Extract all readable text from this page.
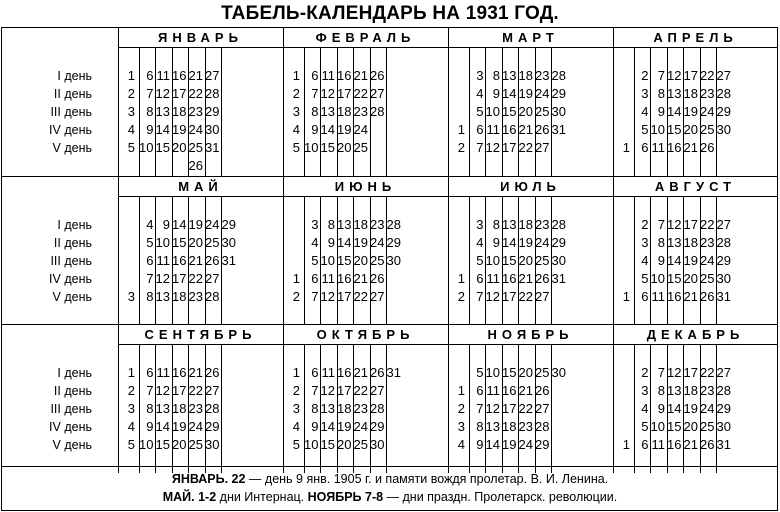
ТАБЕЛЬ-КАЛЕНДАРЬ НА 1931 ГОД.
I день
II день
III день
IV день
V день
ЯНВАРЬ
1
2
3
4
5
6
7
8
9
10
11
12
13
14
15
16
17
18
19
20
21
22
23
24
25
26
27
28
29
30
31
ФЕВРАЛЬ
1
2
3
4
5
6
7
8
9
10
11
12
13
14
15
16
17
18
19
20
21
22
23
24
25
26
27
28
МАРТ
1
2
3
4
5
6
7
8
9
10
11
12
13
14
15
16
17
18
19
20
21
22
23
24
25
26
27
28
29
30
31
АПРЕЛЬ
1
2
3
4
5
6
7
8
9
10
11
12
13
14
15
16
17
18
19
20
21
22
23
24
25
26
27
28
29
30
I день
II день
III день
IV день
V день
МАЙ
3
4
5
6
7
8
9
10
11
12
13
14
15
16
17
18
19
20
21
22
23
24
25
26
27
28
29
30
31
ИЮНЬ
1
2
3
4
5
6
7
8
9
10
11
12
13
14
15
16
17
18
19
20
21
22
23
24
25
26
27
28
29
30
ИЮЛЬ
1
2
3
4
5
6
7
8
9
10
11
12
13
14
15
16
17
18
19
20
21
22
23
24
25
26
27
28
29
30
31
АВГУСТ
1
2
3
4
5
6
7
8
9
10
11
12
13
14
15
16
17
18
19
20
21
22
23
24
25
26
27
28
29
30
31
I день
II день
III день
IV день
V день
СЕНТЯБРЬ
1
2
3
4
5
6
7
8
9
10
11
12
13
14
15
16
17
18
19
20
21
22
23
24
25
26
27
28
29
30
ОКТЯБРЬ
1
2
3
4
5
6
7
8
9
10
11
12
13
14
15
16
17
18
19
20
21
22
23
24
25
26
27
28
29
30
31
НОЯБРЬ
1
2
3
4
5
6
7
8
9
10
11
12
13
14
15
16
17
18
19
20
21
22
23
24
25
26
27
28
29
30
ДЕКАБРЬ
1
2
3
4
5
6
7
8
9
10
11
12
13
14
15
16
17
18
19
20
21
22
23
24
25
26
27
28
29
30
31
ЯНВАРЬ. 22 — день 9 янв. 1905 г. и памяти вождя пролетар. В. И. Ленина.
МАЙ. 1-2 дни Интернац. НОЯБРЬ 7-8 — дни праздн. Пролетарск. революции.
